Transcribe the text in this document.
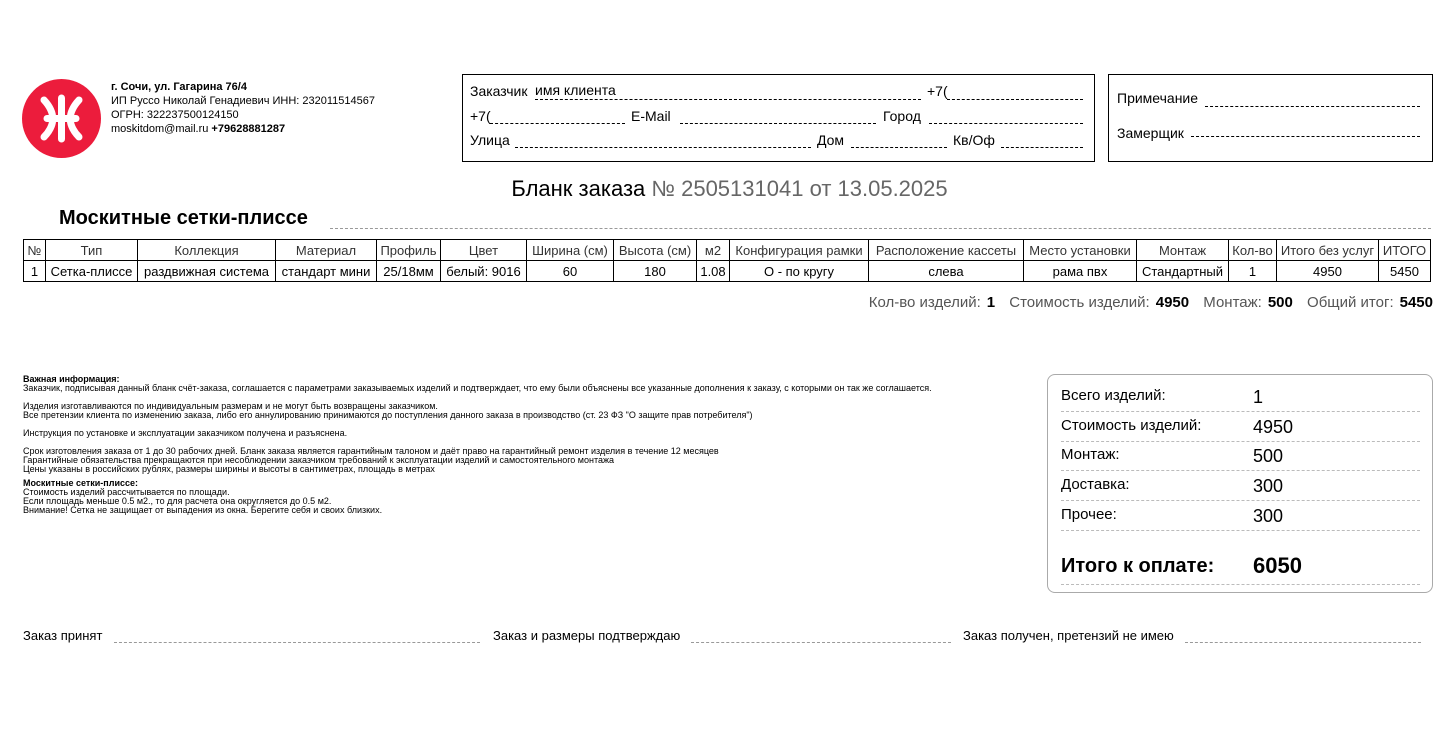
г. Сочи, ул. Гагарина 76/4
ИП Руссо Николай Генадиевич ИНН: 232011514567
ОГРН: 322237500124150
moskitdom@mail.ru +79628881287
Заказчик имя клиента	+7(
+7(	E-Mail	Город
Улица	Дом	Кв/Оф
Примечание
Замерщик
Бланк заказа № 2505131041 от 13.05.2025
Москитные сетки-плиссе
№	Тип	Коллекция	Материал	Профиль	Цвет	Ширина (см)	Высота (см)	м2	Конфигурация рамки	Расположение кассеты	Место установки	Монтаж	Кол-во	Итого без услуг	ИТОГО
1	Сетка-плиссе	раздвижная система	стандарт мини	25/18мм	белый: 9016	60	180	1.08	О - по кругу	слева	рама пвх	Стандартный	1	4950	5450
Кол-во изделий: 1 Стоимость изделий: 4950 Монтаж: 500 Общий итог: 5450

Важная информация:

Заказчик, подписывая данный бланк счёт-заказа, соглашается с параметрами заказываемых изделий и подтверждает, что ему были объяснены все указанные дополнения к заказу, с которыми он так же соглашается.

Изделия изготавливаются по индивидуальным размерам и не могут быть возвращены заказчиком.

Все претензии клиента по изменению заказа, либо его аннулированию принимаются до поступления данного заказа в производство (ст. 23 ФЗ "О защите прав потребителя")

Инструкция по установке и эксплуатации заказчиком получена и разъяснена.

Срок изготовления заказа от 1 до 30 рабочих дней. Бланк заказа является гарантийным талоном и даёт право на гарантийный ремонт изделия в течение 12 месяцев

Гарантийные обязательства прекращаются при несоблюдении заказчиком требований к эксплуатации изделий и самостоятельного монтажа

Цены указаны в российских рублях, размеры ширины и высоты в сантиметрах, площадь в метрах

Москитные сетки-плиссе:

Стоимость изделий рассчитывается по площади.

Если площадь меньше 0.5 м2., то для расчета она округляется до 0.5 м2.

Внимание! Сетка не защищает от выпадения из окна. Берегите себя и своих близких.

Всего изделий:	1
Стоимость изделий:	4950
Монтаж:	500
Доставка:	300
Прочее:	300
Итого к оплате: 6050
Заказ принят	Заказ и размеры подтверждаю	Заказ получен, претензий не имею
